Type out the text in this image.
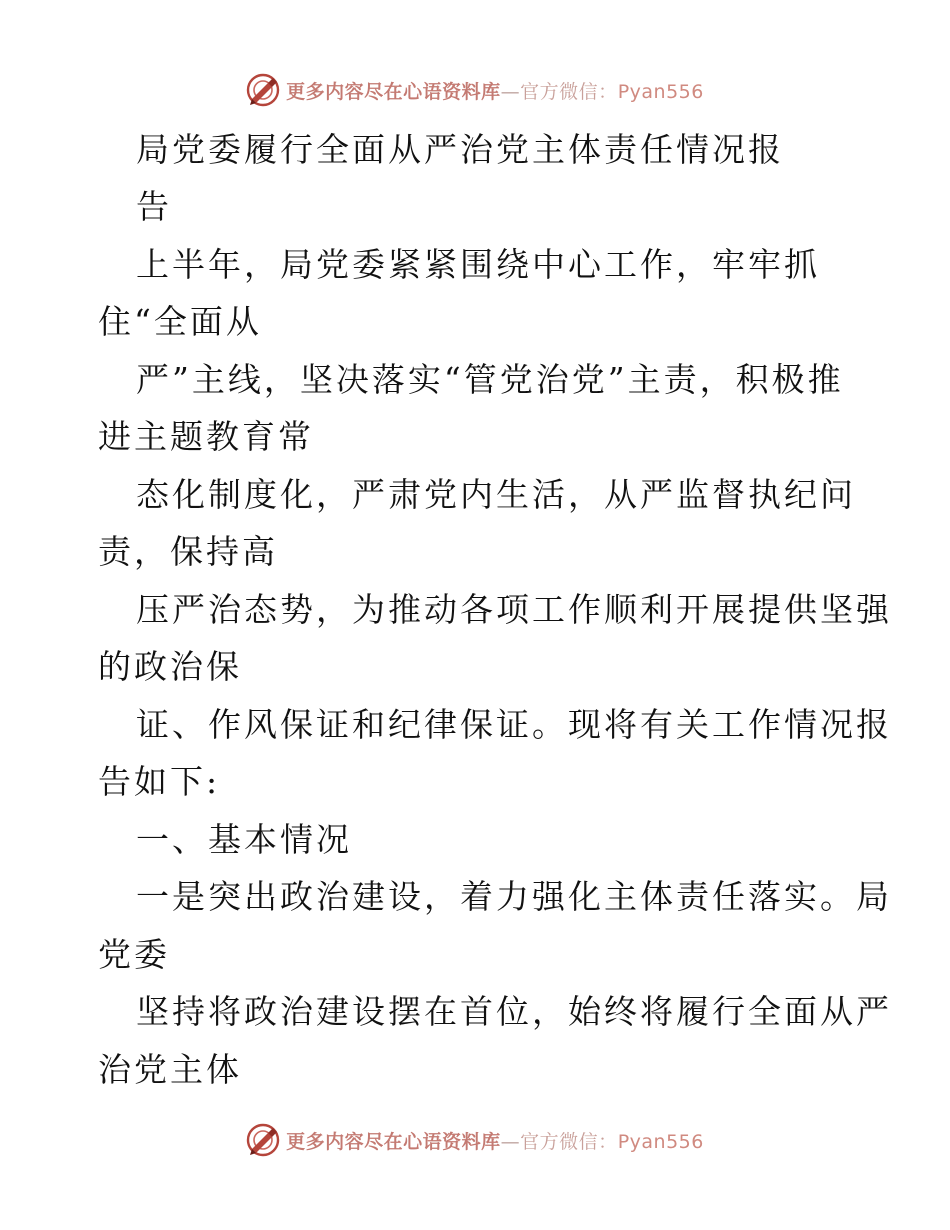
更多内容尽在心语资料库—官方微信：Pyan556
局党委履行全面从严治党主体责任情况报
告
上半年，局党委紧紧围绕中心工作，牢牢抓
住“全面从
严”主线，坚决落实“管党治党”主责，积极推
进主题教育常
态化制度化，严肃党内生活，从严监督执纪问
责，保持高
压严治态势，为推动各项工作顺利开展提供坚强
的政治保
证、作风保证和纪律保证。现将有关工作情况报
告如下:
一、基本情况
一是突出政治建设，着力强化主体责任落实。局
党委
坚持将政治建设摆在首位，始终将履行全面从严
治党主体
更多内容尽在心语资料库—官方微信：Pyan556
